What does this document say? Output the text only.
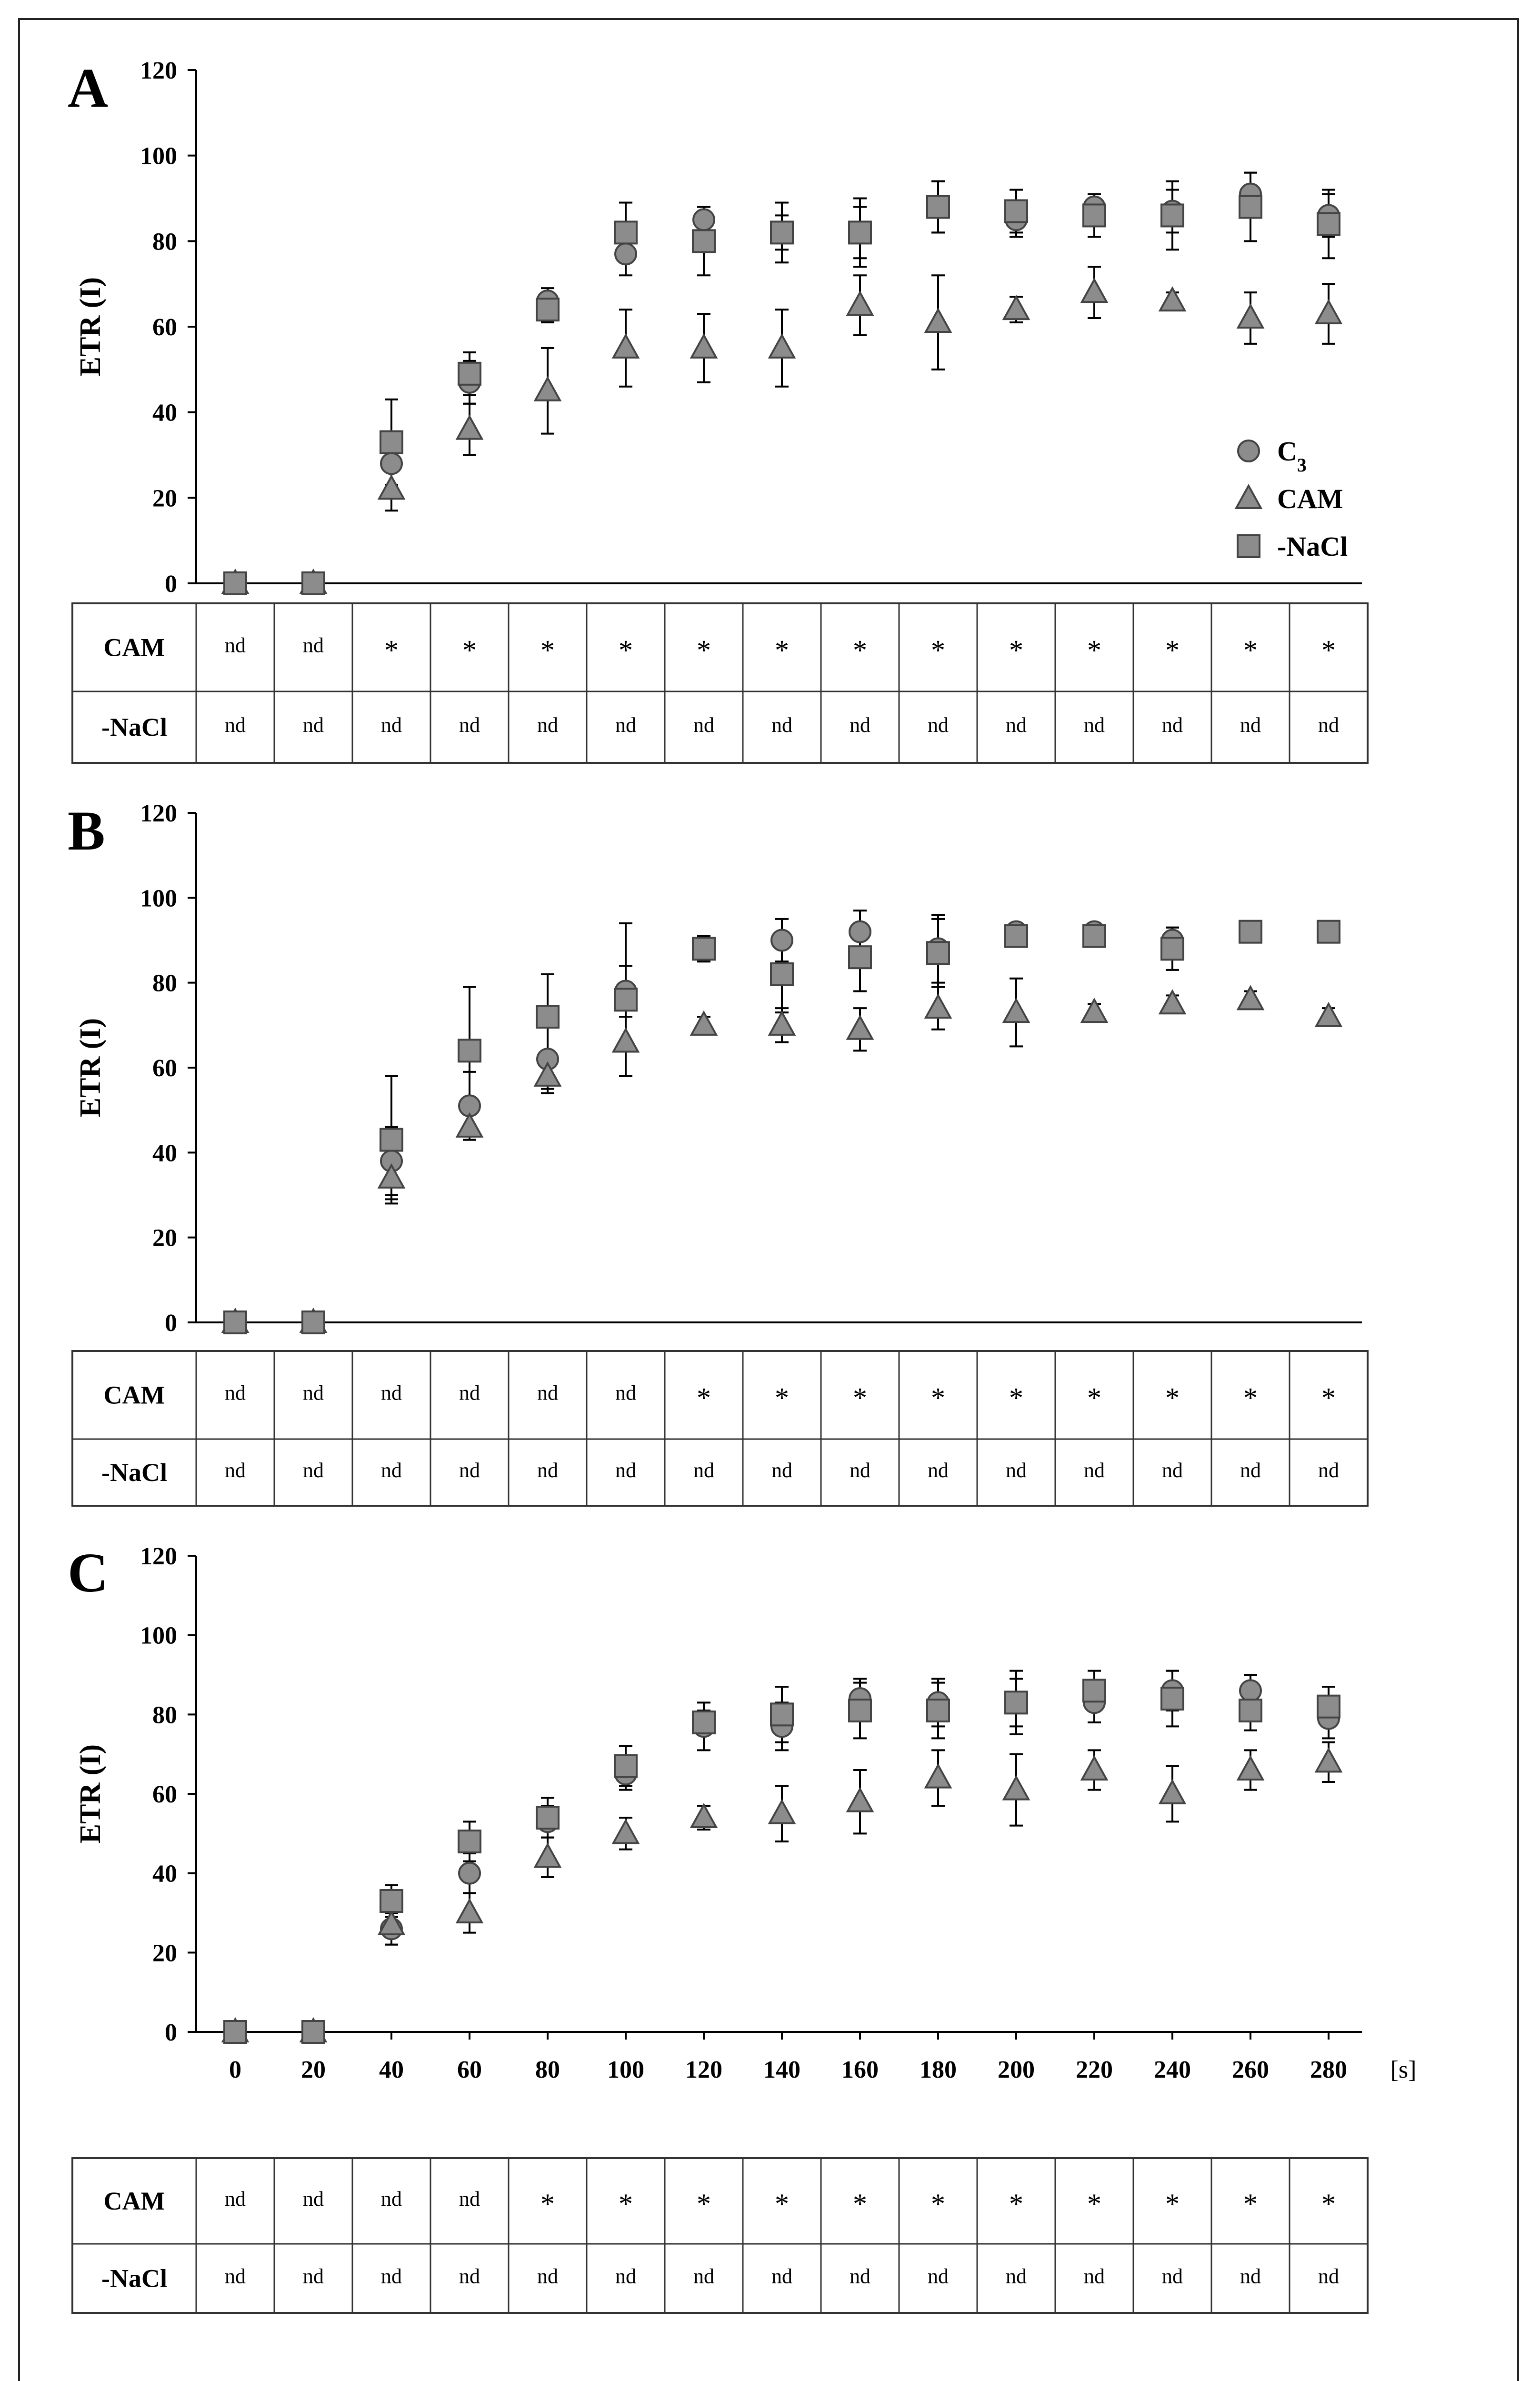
A
0
20
40
60
80
100
120
ETR (I)
$C_3$
CAM
-NaCl
CAM	nd	nd * * * * * * * * * * * * *
-NaCl	nd	nd	nd	nd	nd	nd	nd	nd	nd	nd	nd	nd	nd	nd	nd
B
0
20
40
60
80
100
120
ETR (I)
CAM	nd	nd	nd	nd	nd	nd * * * * * * * * *
-NaCl	nd	nd	nd	nd	nd	nd	nd	nd	nd	nd	nd	nd	nd	nd	nd
C
0
20
40
60
80
100
120
ETR (I)
0 20 40 60 80 100 120 140 160 180 200 220 240 260 280 [s]
CAM	nd	nd	nd	nd * * * * * * * * * * *
-NaCl	nd	nd	nd	nd	nd	nd	nd	nd	nd	nd	nd	nd	nd	nd	nd
